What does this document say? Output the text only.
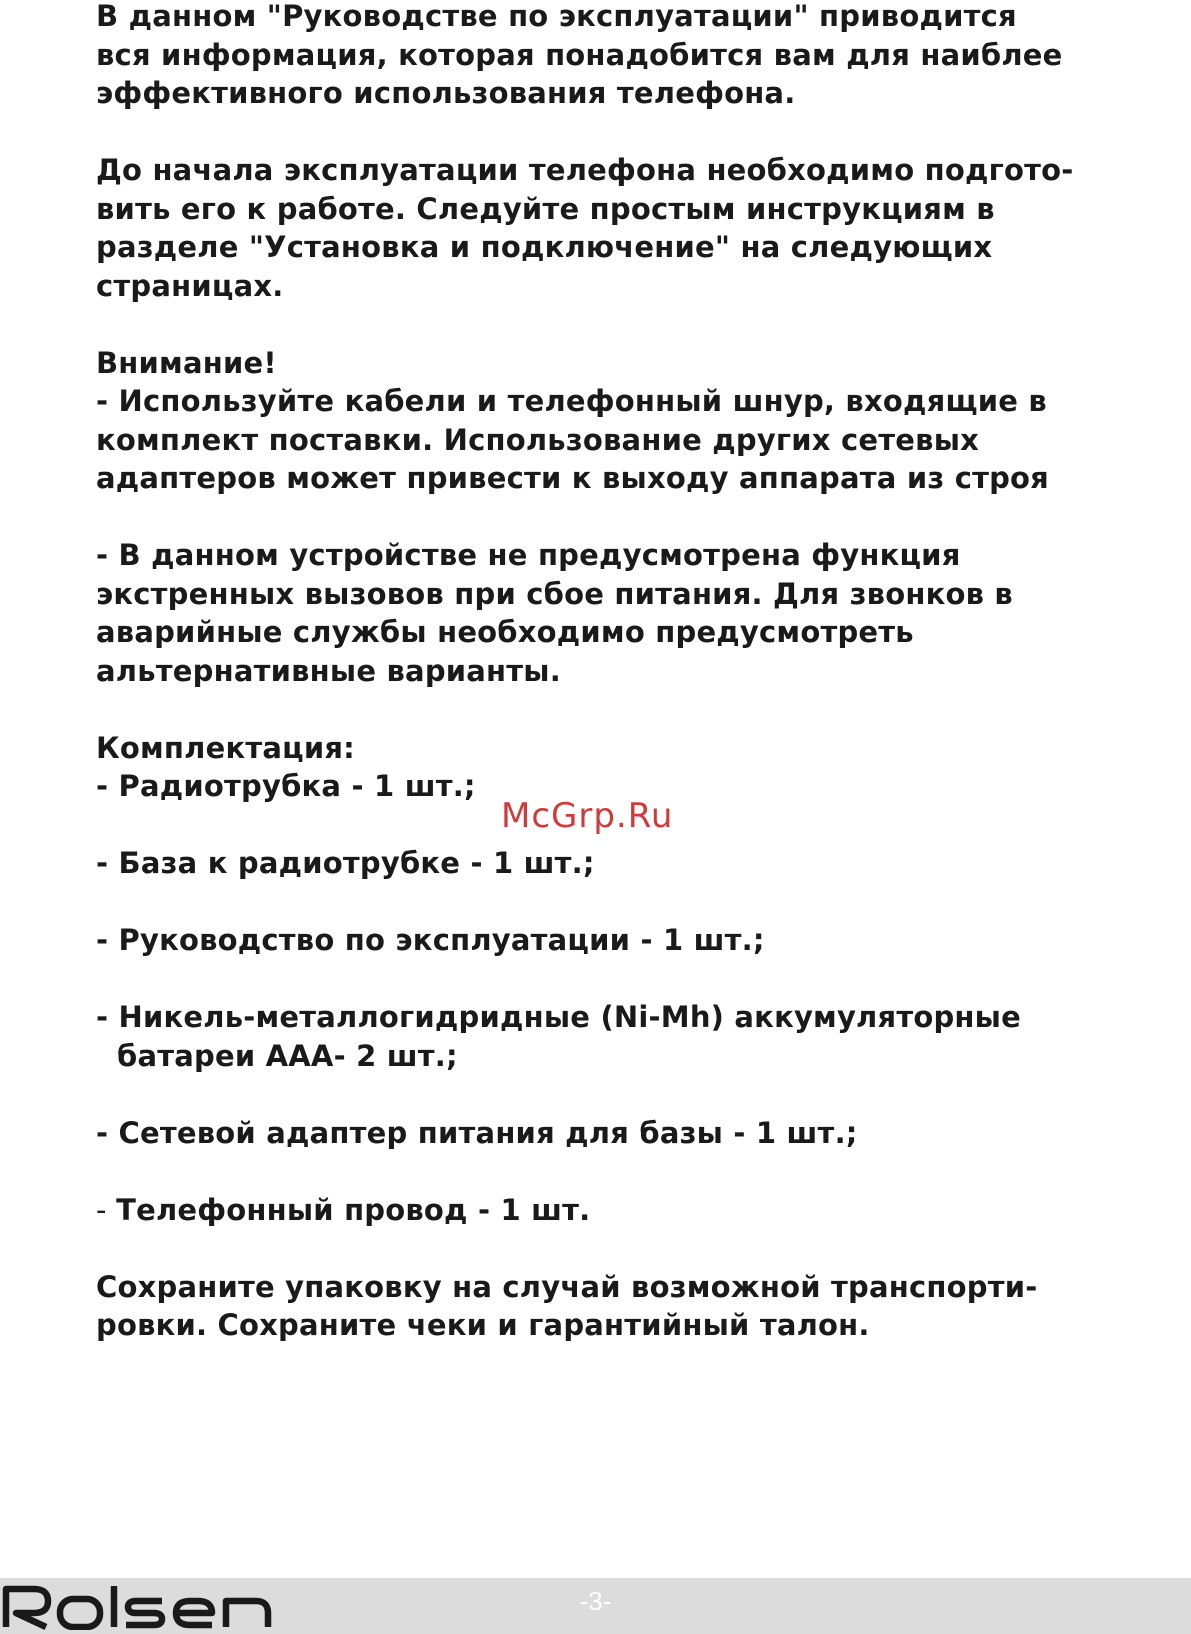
В данном "Руководстве по эксплуатации" приводится
вся информация, которая понадобится вам для наиблее
эффективного использования телефона.
До начала эксплуатации телефона необходимо подгото-
вить его к работе. Следуйте простым инструкциям в
разделе "Установка и подключение" на следующих
страницах.
Внимание!
- Используйте кабели и телефонный шнур, входящие в
комплект поставки. Использование других сетевых
адаптеров может привести к выходу аппарата из строя
- В данном устройстве не предусмотрена функция
экстренных вызовов при сбое питания. Для звонков в
аварийные службы необходимо предусмотреть
альтернативные варианты.
Комплектация:
- Радиотрубка - 1 шт.;
- База к радиотрубке - 1 шт.;
- Руководство по эксплуатации - 1 шт.;
- Никель-металлогидридные (Ni-Mh) аккумуляторные
батареи ААА- 2 шт.;
- Сетевой адаптер питания для базы - 1 шт.;
- Телефонный провод - 1 шт.
Сохраните упаковку на случай возможной транспорти-
ровки. Сохраните чеки и гарантийный талон.
McGrp.Ru
-3-
